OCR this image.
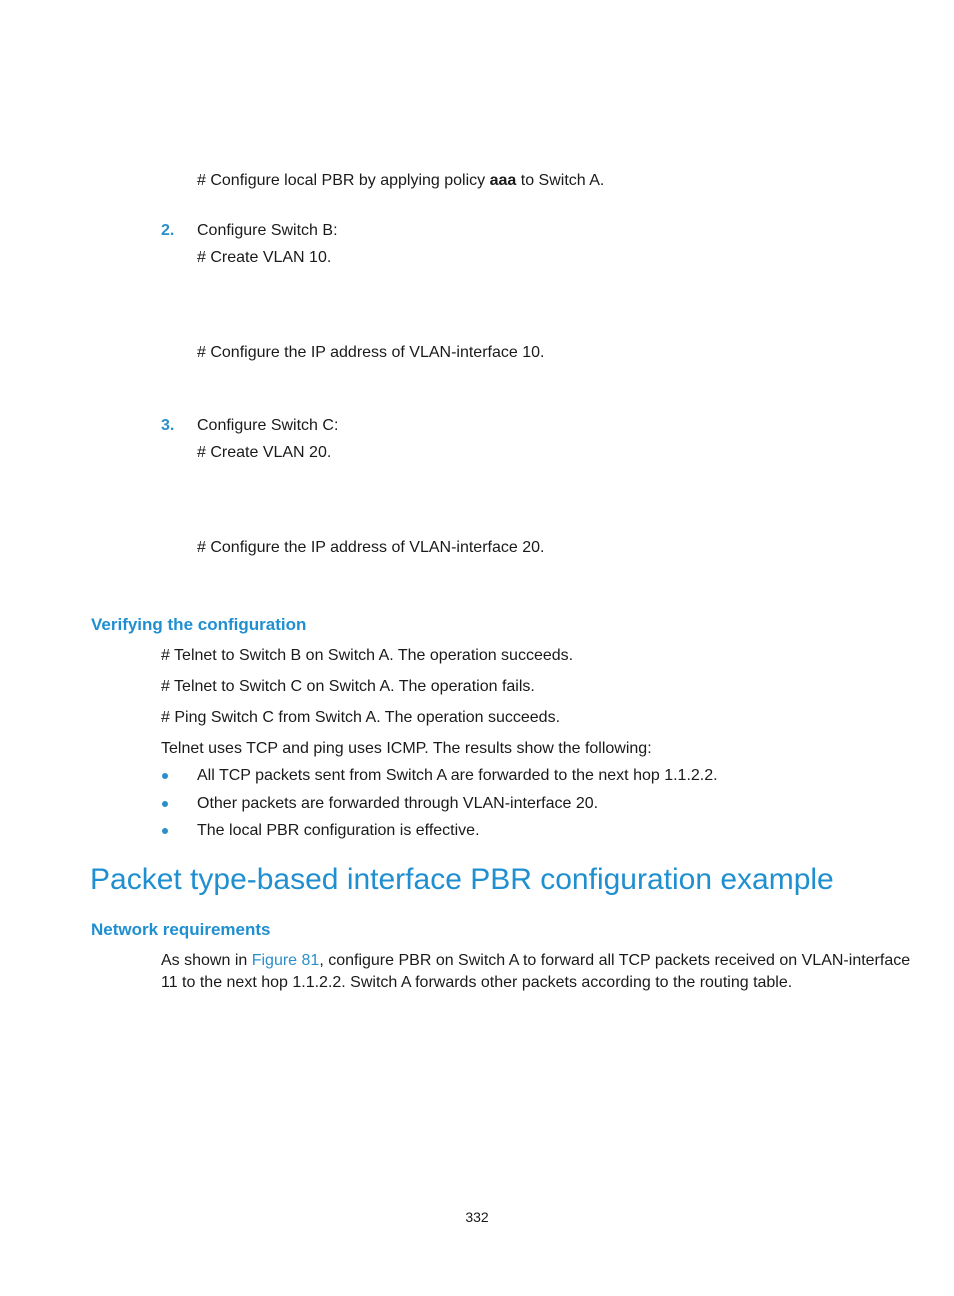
# Configure local PBR by applying policy aaa to Switch A.
2. Configure Switch B:
# Create VLAN 10.
# Configure the IP address of VLAN-interface 10.
3. Configure Switch C:
# Create VLAN 20.
# Configure the IP address of VLAN-interface 20.
Verifying the configuration
# Telnet to Switch B on Switch A. The operation succeeds.
# Telnet to Switch C on Switch A. The operation fails.
# Ping Switch C from Switch A. The operation succeeds.
Telnet uses TCP and ping uses ICMP. The results show the following:
All TCP packets sent from Switch A are forwarded to the next hop 1.1.2.2.
Other packets are forwarded through VLAN-interface 20.
The local PBR configuration is effective.
Packet type-based interface PBR configuration example
Network requirements
As shown in Figure 81, configure PBR on Switch A to forward all TCP packets received on VLAN-interface
11 to the next hop 1.1.2.2. Switch A forwards other packets according to the routing table.
332
